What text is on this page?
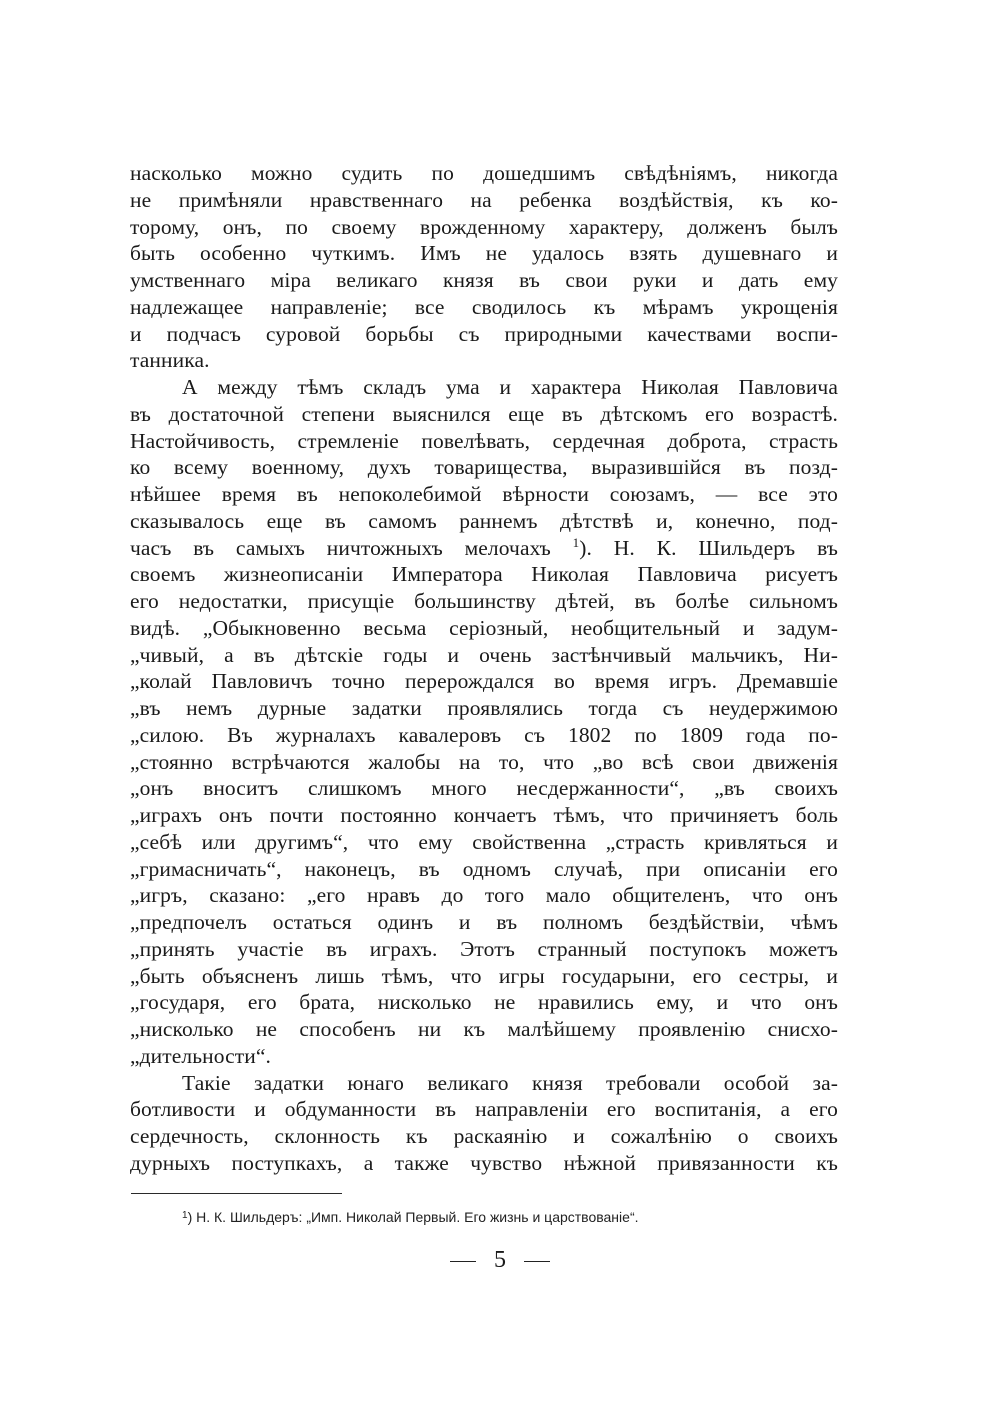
насколько можно судить по дошедшимъ свѣдѣніямъ, никогда
не примѣняли нравственнаго на ребенка воздѣйствія, къ ко-
торому, онъ, по своему врожденному характеру, долженъ былъ
быть особенно чуткимъ. Имъ не удалось взять душевнаго и
умственнаго міра великаго князя въ свои руки и дать ему
надлежащее направленіе; все сводилось къ мѣрамъ укрощенія
и подчасъ суровой борьбы съ природными качествами воспи-
танника.
А между тѣмъ складъ ума и характера Николая Павловича
въ достаточной степени выяснился еще въ дѣтскомъ его возрастѣ.
Настойчивость, стремленіе повелѣвать, сердечная доброта, страсть
ко всему военному, духъ товарищества, выразившійся въ позд-
нѣйшее время въ непоколебимой вѣрности союзамъ, — все это
сказывалось еще въ самомъ раннемъ дѣтствѣ и, конечно, под-
часъ въ самыхъ ничтожныхъ мелочахъ $^1$). Н. К. Шильдеръ въ
своемъ жизнеописаніи Императора Николая Павловича рисуетъ
его недостатки, присущіе большинству дѣтей, въ болѣе сильномъ
видѣ. „Обыкновенно весьма серіозный, необщительный и задум-
„чивый, а въ дѣтскіе годы и очень застѣнчивый мальчикъ, Ни-
„колай Павловичъ точно перерождался во время игръ. Дремавшіе
„въ немъ дурные задатки проявлялись тогда съ неудержимою
„силою. Въ журналахъ кавалеровъ съ 1802 по 1809 года по-
„стоянно встрѣчаются жалобы на то, что „во всѣ свои движенія
„онъ вноситъ слишкомъ много несдержанности“, „въ своихъ
„играхъ онъ почти постоянно кончаетъ тѣмъ, что причиняетъ боль
„себѣ или другимъ“, что ему свойственна „страсть кривляться и
„гримасничать“, наконецъ, въ одномъ случаѣ, при описаніи его
„игръ, сказано: „его нравъ до того мало общителенъ, что онъ
„предпочелъ остаться одинъ и въ полномъ бездѣйствіи, чѣмъ
„принять участіе въ играхъ. Этотъ странный поступокъ можетъ
„быть объясненъ лишь тѣмъ, что игры государыни, его сестры, и
„государя, его брата, нисколько не нравились ему, и что онъ
„нисколько не способенъ ни къ малѣйшему проявленію снисхо-
„дительности“.
Такіе задатки юнаго великаго князя требовали особой за-
ботливости и обдуманности въ направленіи его воспитанія, а его
сердечность, склонность къ раскаянію и сожалѣнію о своихъ
дурныхъ поступкахъ, а также чувство нѣжной привязанности къ
$^1$) Н. К. Шильдеръ: „Имп. Николай Первый. Его жизнь и царствованіе“.
5
